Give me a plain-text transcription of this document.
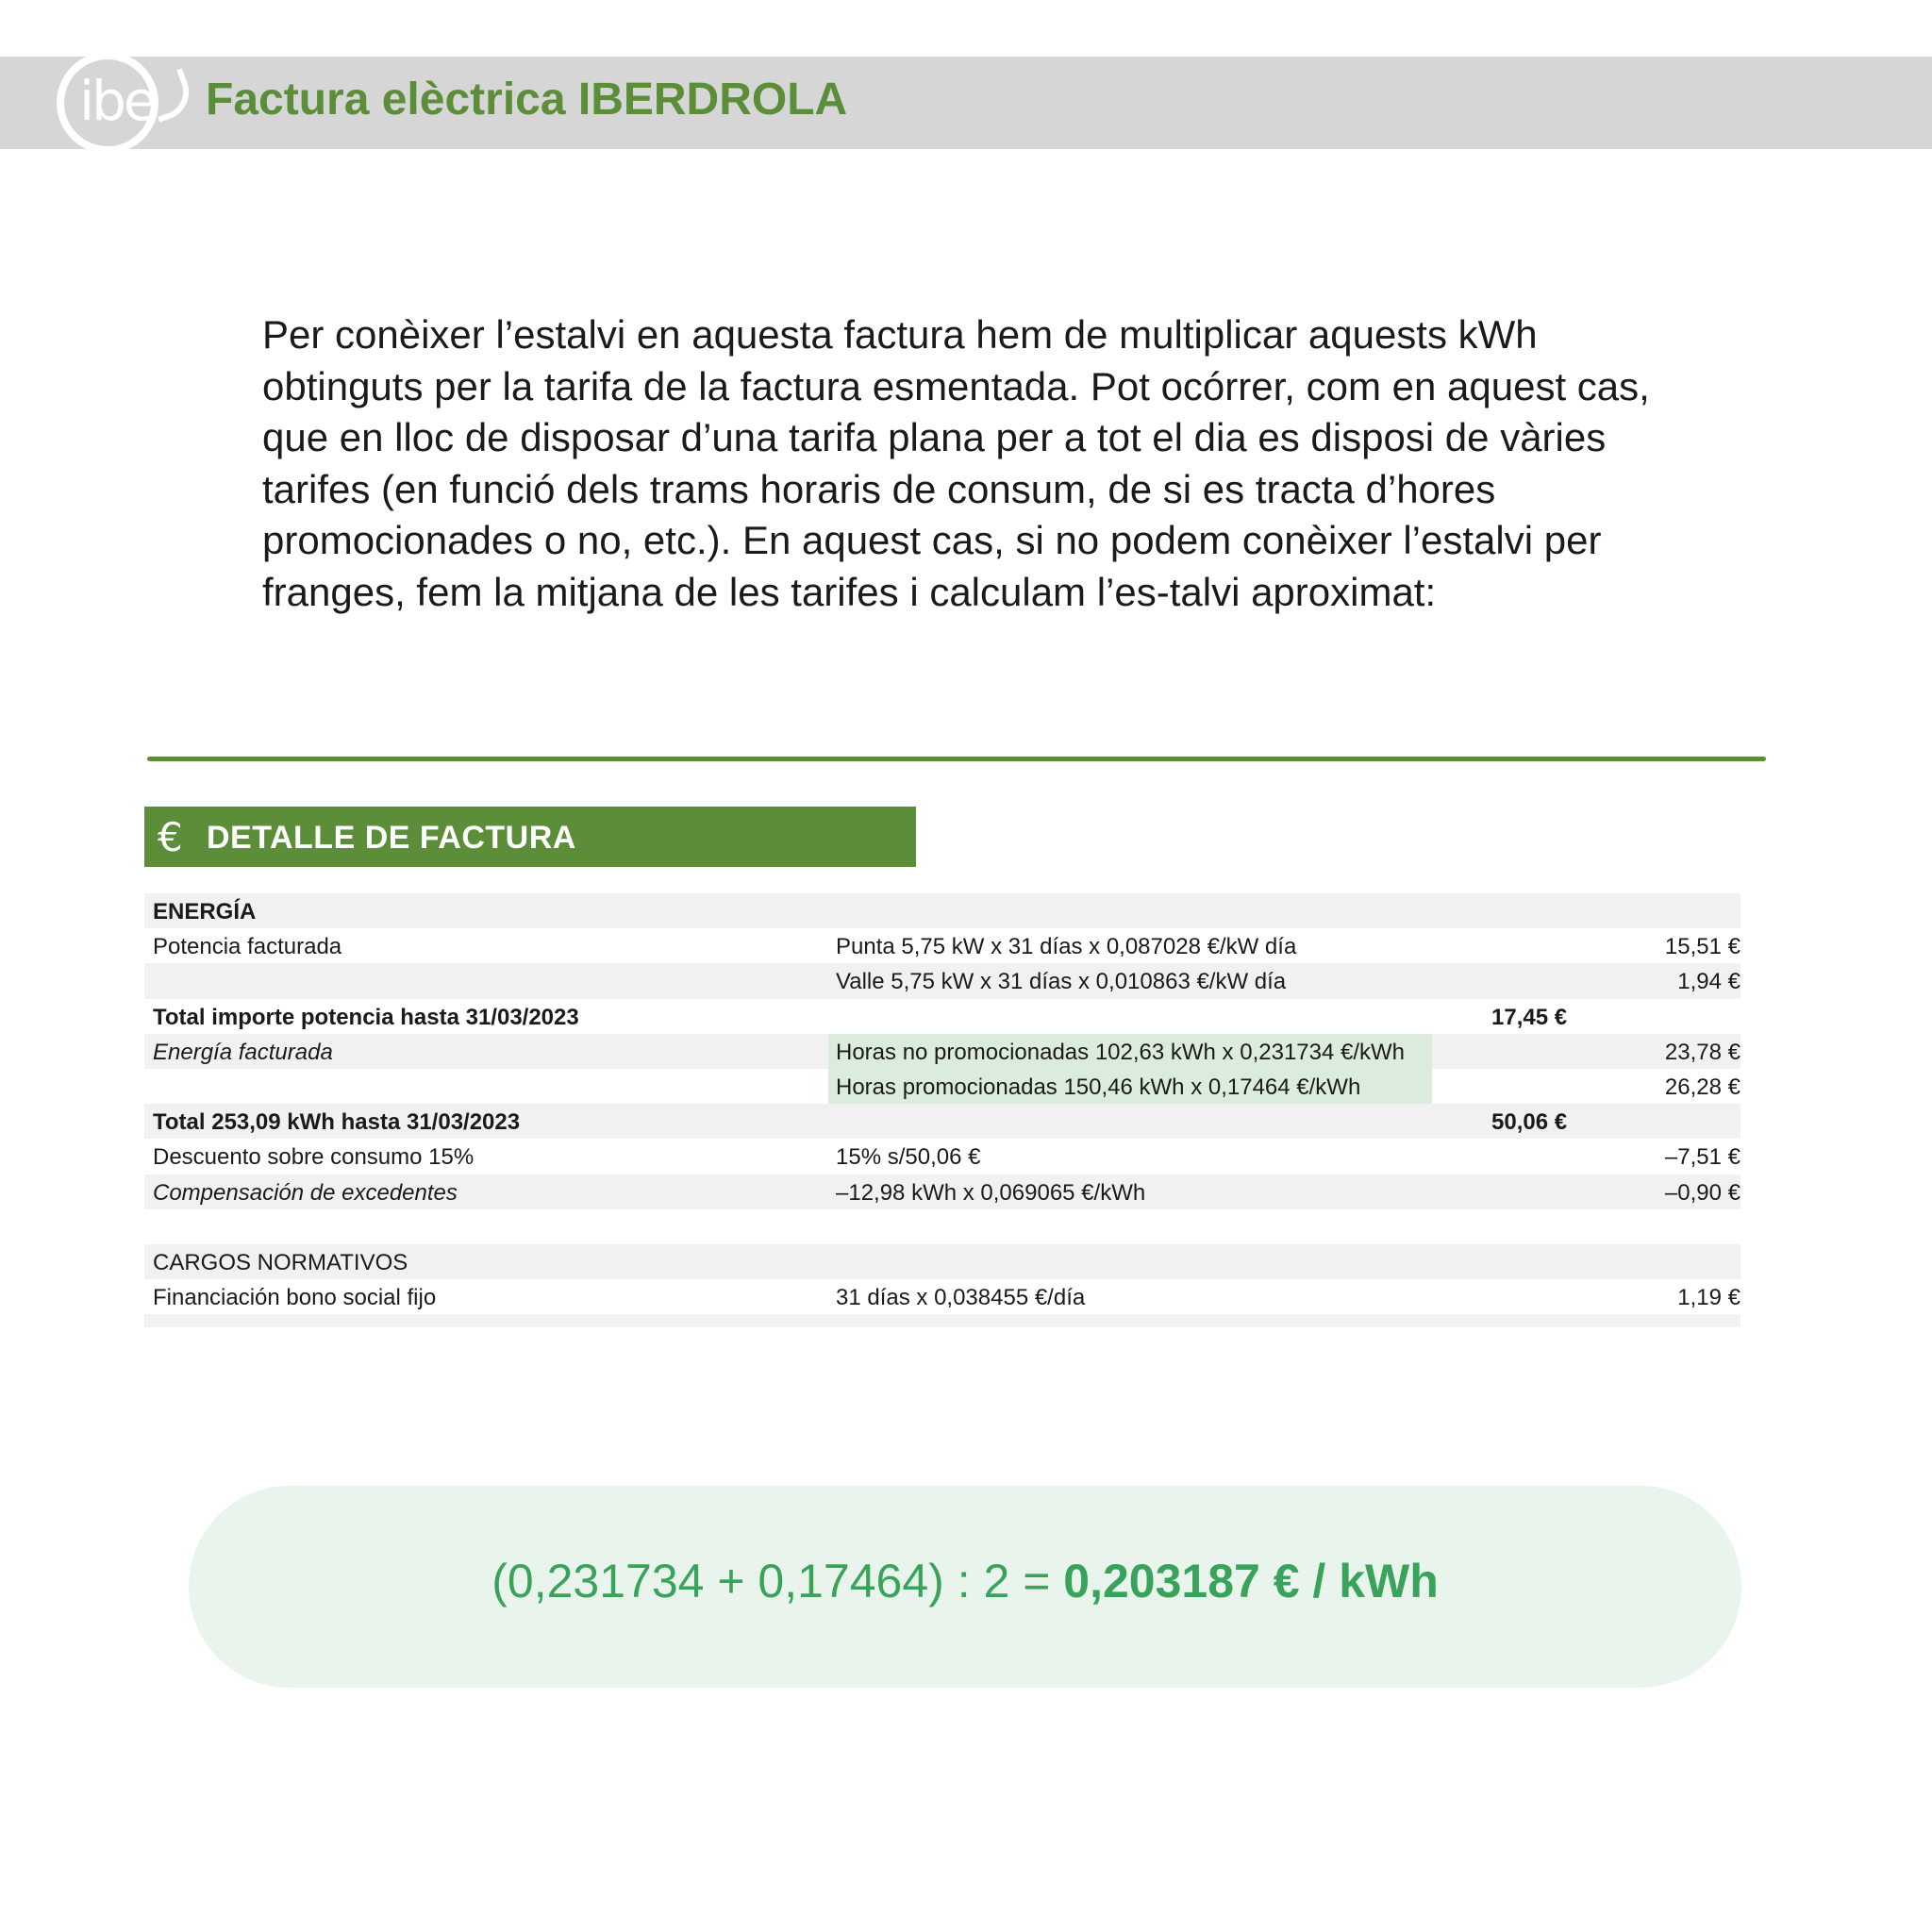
ibe Factura elèctrica IBERDROLA

Per conèixer l’estalvi en aquesta factura hem de multiplicar aquests kWh obtinguts per la tarifa de la factura esmentada. Pot ocórrer, com en aquest cas, que en lloc de disposar d’una tarifa plana per a tot el dia es disposi de vàries tarifes (en funció dels trams horaris de consum, de si es tracta d’hores promocionades o no, etc.). En aquest cas, si no podem conèixer l’estalvi per franges, fem la mitjana de les tarifes i calculam l’es-talvi aproximat:

€ DETALLE DE FACTURA
ENERGÍA
Potencia facturada	Punta 5,75 kW x 31 días x 0,087028 €/kW día	15,51 €
Valle 5,75 kW x 31 días x 0,010863 €/kW día	1,94 €
Total importe potencia hasta 31/03/2023	17,45 €
Energía facturada	Horas no promocionadas 102,63 kWh x 0,231734 €/kWh	23,78 €
Horas promocionadas 150,46 kWh x 0,17464 €/kWh	26,28 €
Total 253,09 kWh hasta 31/03/2023	50,06 €
Descuento sobre consumo 15%	15% s/50,06 €	–7,51 €
Compensación de excedentes	–12,98 kWh x 0,069065 €/kWh	–0,90 €
CARGOS NORMATIVOS
Financiación bono social fijo	31 días x 0,038455 €/día	1,19 €
(0,231734 + 0,17464) : 2 = 0,203187 € / kWh
